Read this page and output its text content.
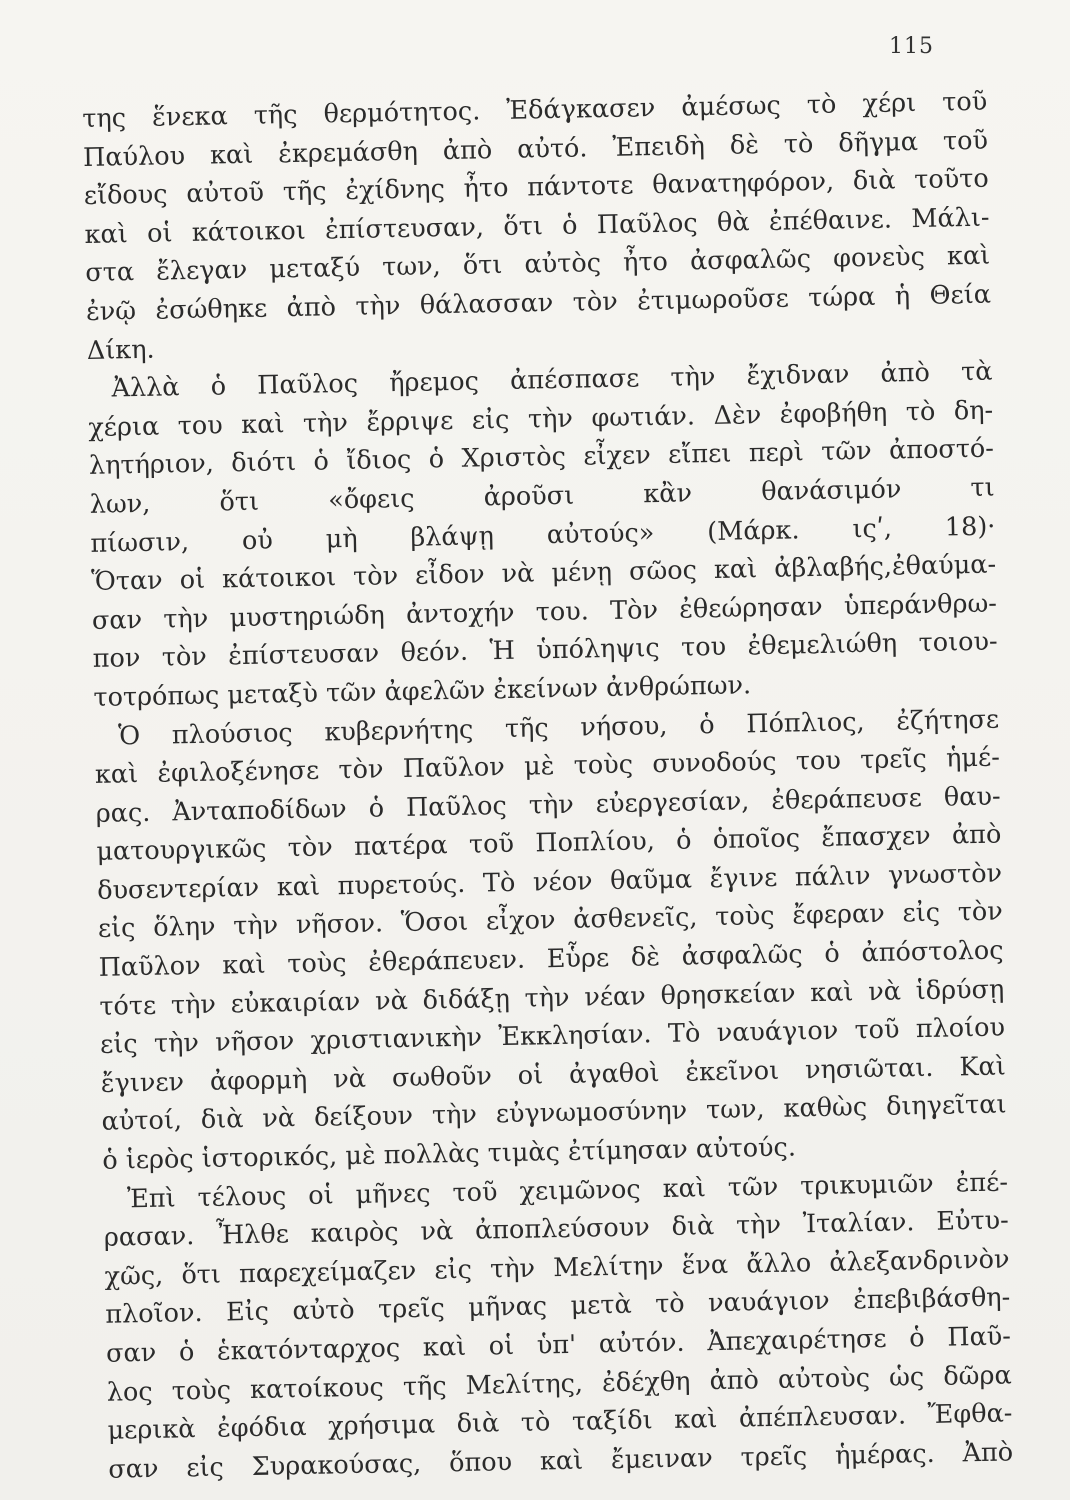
115
της ἕνεκα τῆς θερμότητος. Ἐδάγκασεν ἀμέσως τὸ χέρι τοῦ
Παύλου καὶ ἐκρεμάσθη ἀπὸ αὐτό. Ἐπειδὴ δὲ τὸ δῆγμα τοῦ
εἴδους αὐτοῦ τῆς ἐχίδνης ἦτο πάντοτε θανατηφόρον, διὰ τοῦτο
καὶ οἱ κάτοικοι ἐπίστευσαν, ὅτι ὁ Παῦλος θὰ ἐπέθαινε. Μάλι-
στα ἔλεγαν μεταξύ των, ὅτι αὐτὸς ἦτο ἀσφαλῶς φονεὺς καὶ
ἐνῷ ἐσώθηκε ἀπὸ τὴν θάλασσαν τὸν ἐτιμωροῦσε τώρα ἡ Θεία
Δίκη.
Ἀλλὰ ὁ Παῦλος ἤρεμος ἀπέσπασε τὴν ἔχιδναν ἀπὸ τὰ
χέρια του καὶ τὴν ἔρριψε εἰς τὴν φωτιάν. Δὲν ἐφοβήθη τὸ δη-
λητήριον, διότι ὁ ἴδιος ὁ Χριστὸς εἶχεν εἴπει περὶ τῶν ἀποστό-
λων, ὅτι «ὄφεις ἀροῦσι κἂν θανάσιμόν τι
πίωσιν, οὐ μὴ βλάψῃ αὐτούς» (Μάρκ. ιςʹ, 18)·
Ὅταν οἱ κάτοικοι τὸν εἶδον νὰ μένῃ σῶος καὶ ἀβλαβής,ἐθαύμα-
σαν τὴν μυστηριώδη ἀντοχήν του. Τὸν ἐθεώρησαν ὑπεράνθρω-
πον τὸν ἐπίστευσαν θεόν. Ἡ ὑπόληψις του ἐθεμελιώθη τοιου-
τοτρόπως μεταξὺ τῶν ἀφελῶν ἐκείνων ἀνθρώπων.
Ὁ πλούσιος κυβερνήτης τῆς νήσου, ὁ Πόπλιος, ἐζήτησε
καὶ ἐφιλοξένησε τὸν Παῦλον μὲ τοὺς συνοδούς του τρεῖς ἡμέ-
ρας. Ἀνταποδίδων ὁ Παῦλος τὴν εὐεργεσίαν, ἐθεράπευσε θαυ-
ματουργικῶς τὸν πατέρα τοῦ Ποπλίου, ὁ ὁποῖος ἔπασχεν ἀπὸ
δυσεντερίαν καὶ πυρετούς. Τὸ νέον θαῦμα ἔγινε πάλιν γνωστὸν
εἰς ὅλην τὴν νῆσον. Ὅσοι εἶχον ἀσθενεῖς, τοὺς ἔφεραν εἰς τὸν
Παῦλον καὶ τοὺς ἐθεράπευεν. Εὗρε δὲ ἀσφαλῶς ὁ ἀπόστολος
τότε τὴν εὐκαιρίαν νὰ διδάξῃ τὴν νέαν θρησκείαν καὶ νὰ ἱδρύσῃ
εἰς τὴν νῆσον χριστιανικὴν Ἐκκλησίαν. Τὸ ναυάγιον τοῦ πλοίου
ἔγινεν ἀφορμὴ νὰ σωθοῦν οἱ ἀγαθοὶ ἐκεῖνοι νησιῶται. Καὶ
αὐτοί, διὰ νὰ δείξουν τὴν εὐγνωμοσύνην των, καθὼς διηγεῖται
ὁ ἱερὸς ἱστορικός, μὲ πολλὰς τιμὰς ἐτίμησαν αὐτούς.
Ἐπὶ τέλους οἱ μῆνες τοῦ χειμῶνος καὶ τῶν τρικυμιῶν ἐπέ-
ρασαν. Ἦλθε καιρὸς νὰ ἀποπλεύσουν διὰ τὴν Ἰταλίαν. Εὐτυ-
χῶς, ὅτι παρεχείμαζεν εἰς τὴν Μελίτην ἕνα ἄλλο ἀλεξανδρινὸν
πλοῖον. Εἰς αὐτὸ τρεῖς μῆνας μετὰ τὸ ναυάγιον ἐπεβιβάσθη-
σαν ὁ ἑκατόνταρχος καὶ οἱ ὑπ' αὐτόν. Ἀπεχαιρέτησε ὁ Παῦ-
λος τοὺς κατοίκους τῆς Μελίτης, ἐδέχθη ἀπὸ αὐτοὺς ὡς δῶρα
μερικὰ ἐφόδια χρήσιμα διὰ τὸ ταξίδι καὶ ἀπέπλευσαν. Ἔφθα-
σαν εἰς Συρακούσας, ὅπου καὶ ἔμειναν τρεῖς ἡμέρας. Ἀπὸ
